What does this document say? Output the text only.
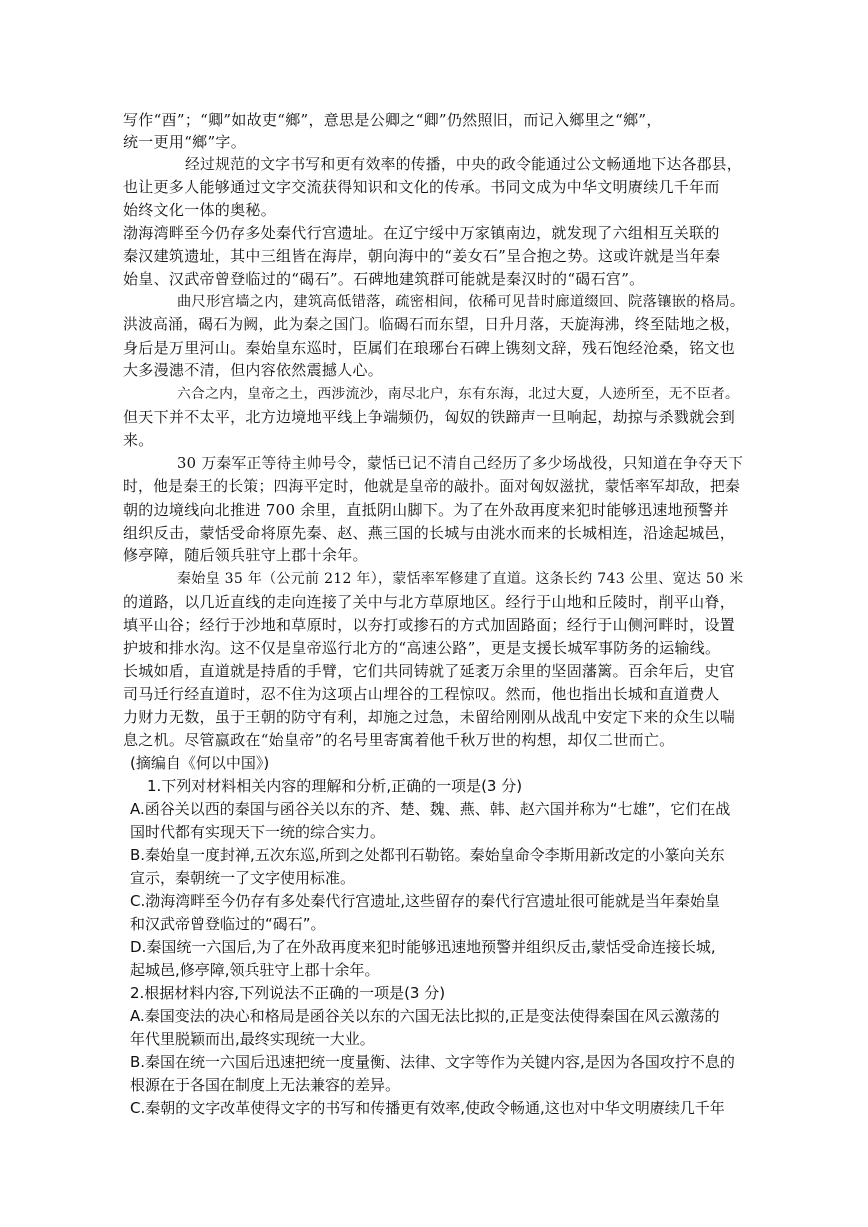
写作“酉”；“卿”如故吏“鄉”，意思是公卿之“卿”仍然照旧，而记入鄉里之“鄉”，
统一更用“鄉”字。
经过规范的文字书写和更有效率的传播，中央的政令能通过公文畅通地下达各郡县，
也让更多人能够通过文字交流获得知识和文化的传承。书同文成为中华文明赓续几千年而
始终文化一体的奥秘。
渤海湾畔至今仍存多处秦代行宫遗址。在辽宁绥中万家镇南边，就发现了六组相互关联的
秦汉建筑遗址，其中三组皆在海岸，朝向海中的“姜女石”呈合抱之势。这或许就是当年秦
始皇、汉武帝曾登临过的“碣石”。石碑地建筑群可能就是秦汉时的“碣石宫”。
曲尺形宫墙之内，建筑高低错落，疏密相间，依稀可见昔时廊道缀回、院落镶嵌的格局。
洪波高涌，碣石为阙，此为秦之国门。临碣石而东望，日升月落，天旋海沸，终至陆地之极，
身后是万里河山。秦始皇东巡时，臣属们在琅琊台石碑上镌刻文辞，残石饱经沧桑，铭文也
大多漫漶不清，但内容依然震撼人心。
六合之内，皇帝之土，西涉流沙，南尽北户，东有东海，北过大夏，人迹所至，无不臣者。
但天下并不太平，北方边境地平线上争端频仍，匈奴的铁蹄声一旦响起，劫掠与杀戮就会到
来。
30 万秦军正等待主帅号令，蒙恬已记不清自己经历了多少场战役，只知道在争夺天下
时，他是秦王的长策；四海平定时，他就是皇帝的敲扑。面对匈奴滋扰，蒙恬率军却敌，把秦
朝的边境线向北推进 700 余里，直抵阴山脚下。为了在外敌再度来犯时能够迅速地预警并
组织反击，蒙恬受命将原先秦、赵、燕三国的长城与由洮水而来的长城相连，沿途起城邑，
修亭障，随后领兵驻守上郡十余年。
秦始皇 35 年（公元前 212 年），蒙恬率军修建了直道。这条长约 743 公里、宽达 50 米
的道路，以几近直线的走向连接了关中与北方草原地区。经行于山地和丘陵时，削平山脊，
填平山谷；经行于沙地和草原时，以夯打或掺石的方式加固路面；经行于山侧河畔时，设置
护坡和排水沟。这不仅是皇帝巡行北方的“高速公路”，更是支援长城军事防务的运输线。
长城如盾，直道就是持盾的手臂，它们共同铸就了延袤万余里的坚固藩篱。百余年后，史官
司马迁行经直道时，忍不住为这项占山埋谷的工程惊叹。然而，他也指出长城和直道费人
力财力无数，虽于王朝的防守有利，却施之过急，未留给刚刚从战乱中安定下来的众生以喘
息之机。尽管嬴政在“始皇帝”的名号里寄寓着他千秋万世的构想，却仅二世而亡。
(摘编自《何以中国》)
1.下列对材料相关内容的理解和分析,正确的一项是(3 分)
A.函谷关以西的秦国与函谷关以东的齐、楚、魏、燕、韩、赵六国并称为“七雄”，它们在战
国时代都有实现天下一统的综合实力。
B.秦始皇一度封禅,五次东巡,所到之处都刊石勒铭。秦始皇命令李斯用新改定的小篆向关东
宣示，秦朝统一了文字使用标准。
C.渤海湾畔至今仍存有多处秦代行宫遗址,这些留存的秦代行宫遗址很可能就是当年秦始皇
和汉武帝曾登临过的“碣石”。
D.秦国统一六国后,为了在外敌再度来犯时能够迅速地预警并组织反击,蒙恬受命连接长城,
起城邑,修亭障,领兵驻守上郡十余年。
2.根据材料内容,下列说法不正确的一项是(3 分)
A.秦国变法的决心和格局是函谷关以东的六国无法比拟的,正是变法使得秦国在风云激荡的
年代里脱颖而出,最终实现统一大业。
B.秦国在统一六国后迅速把统一度量衡、法律、文字等作为关键内容,是因为各国攻拧不息的
根源在于各国在制度上无法兼容的差异。
C.秦朝的文字改革使得文字的书写和传播更有效率,使政令畅通,这也对中华文明赓续几千年
